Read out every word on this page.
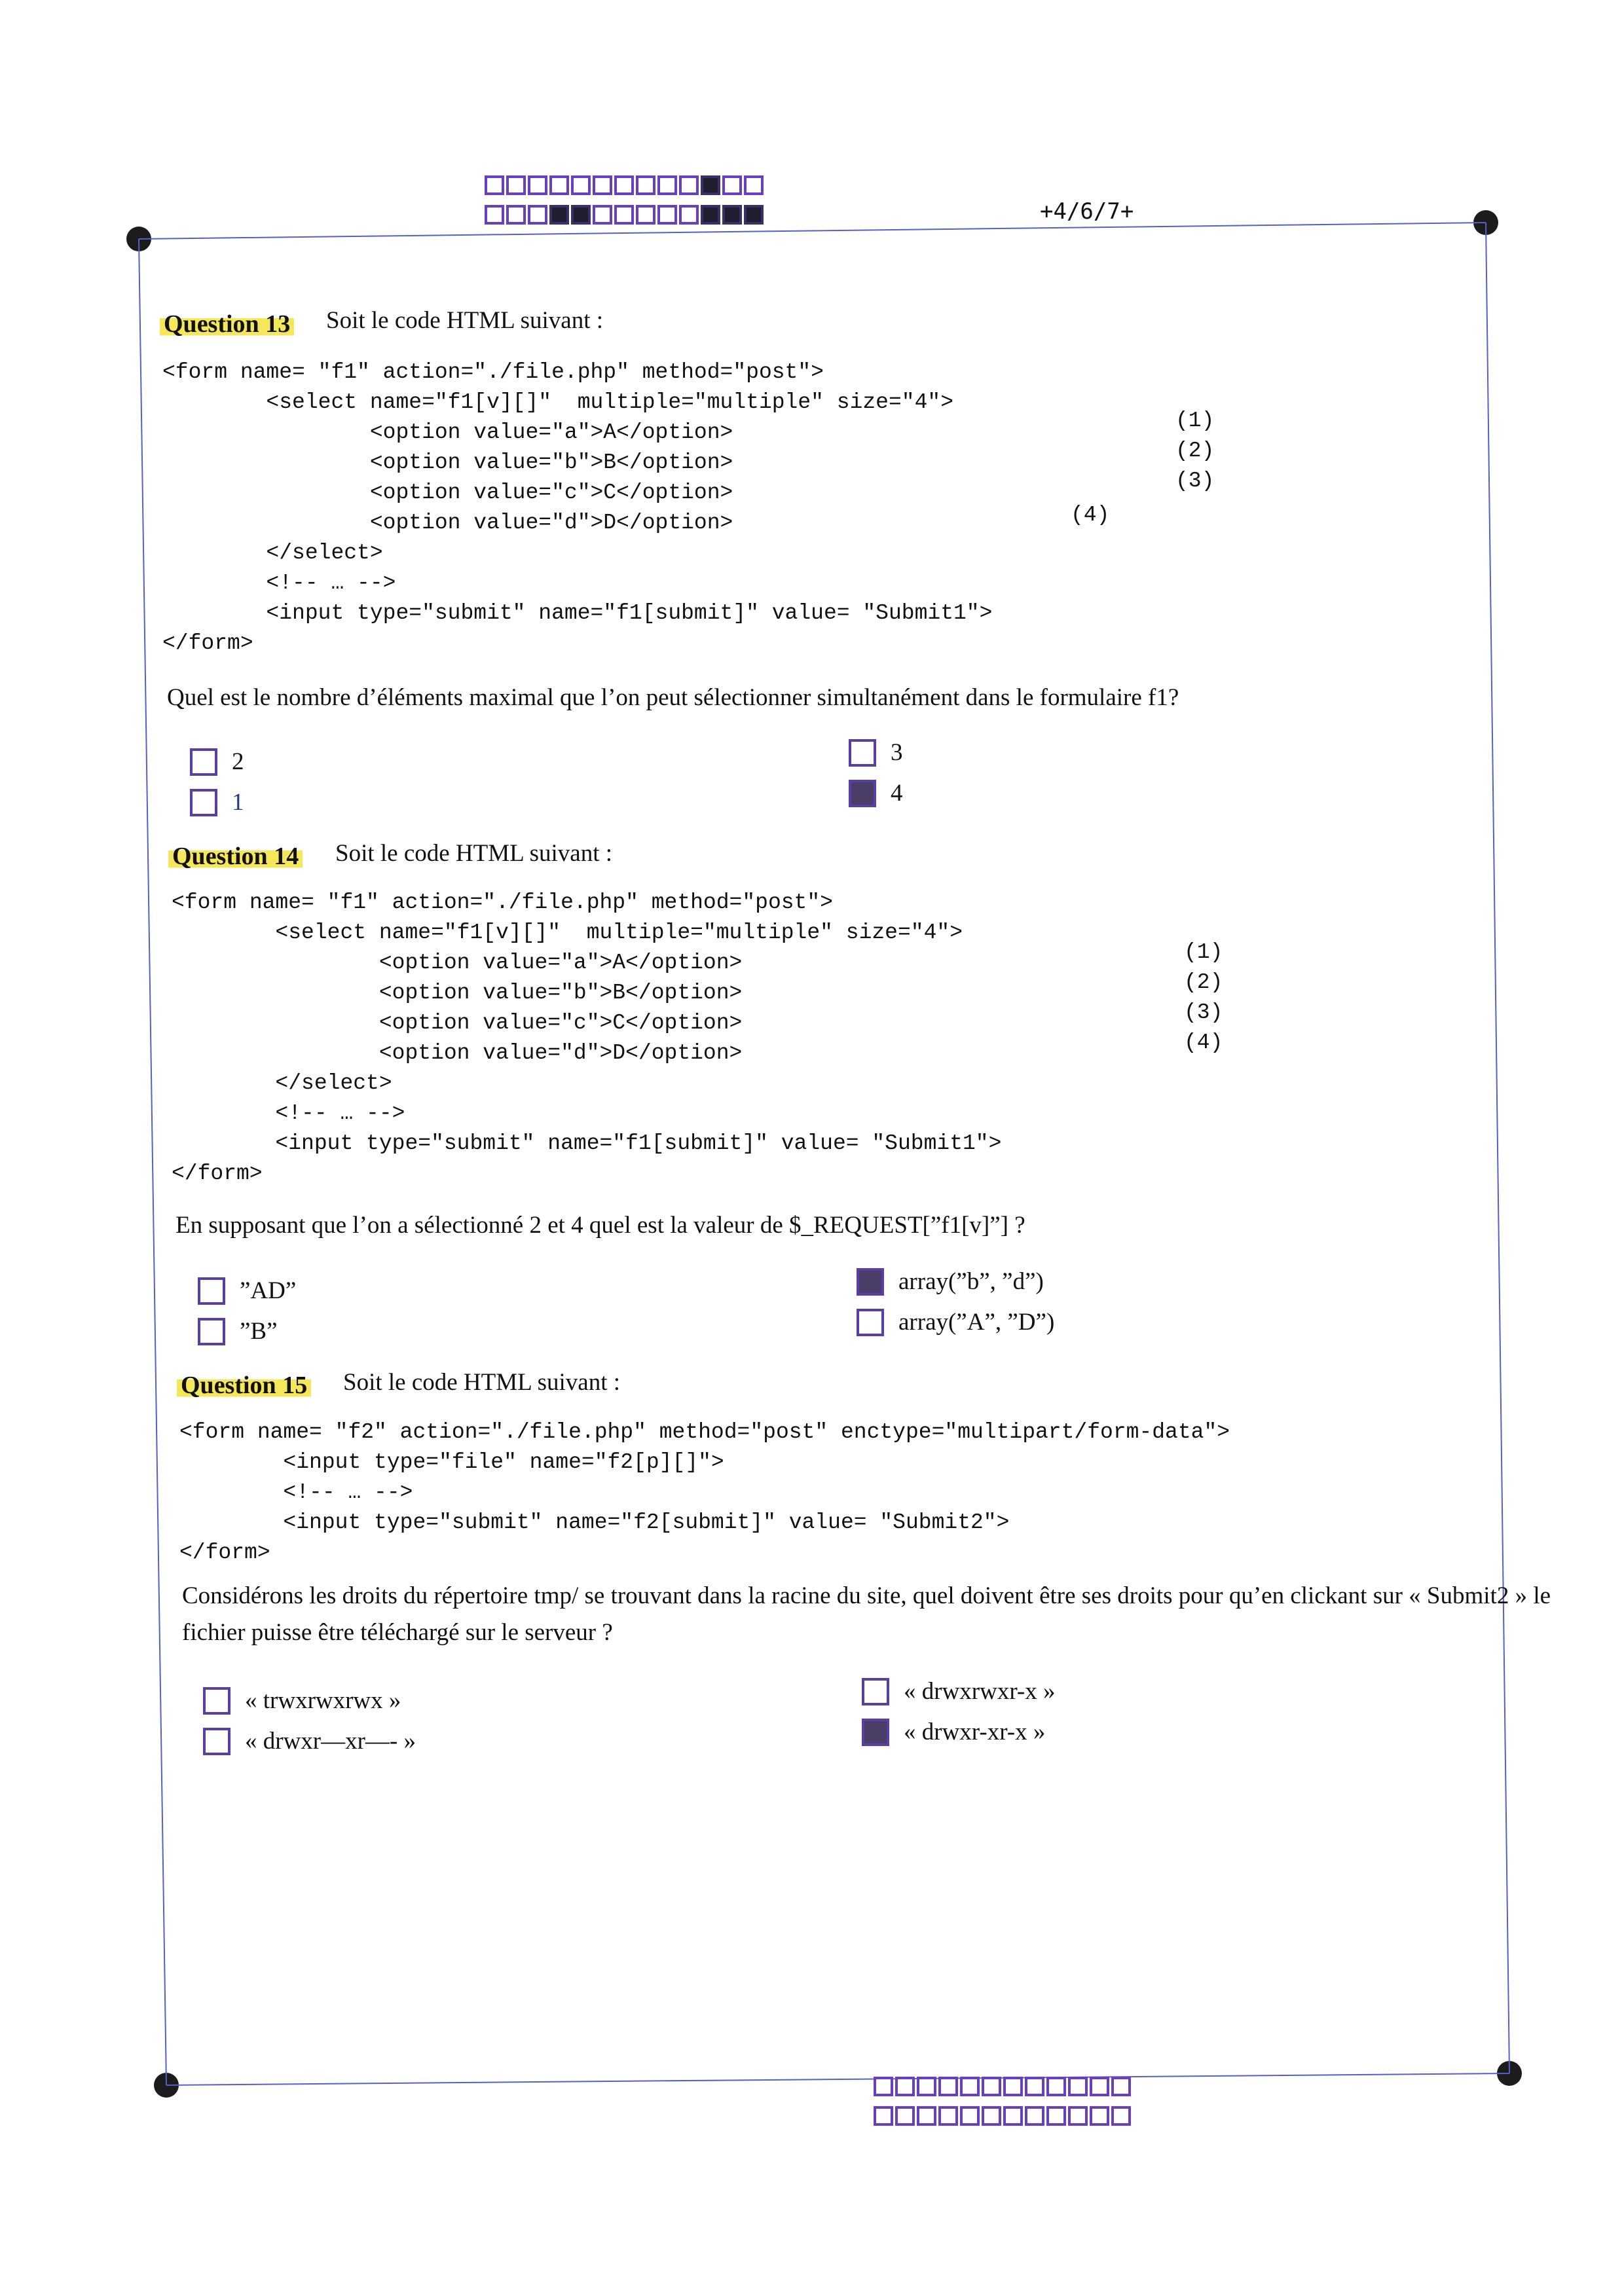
+4/6/7+
Question 13 Soit le code HTML suivant :
<form name= "f1" action="./file.php" method="post">
<select name="f1[v][]"  multiple="multiple" size="4">
<option value="a">A</option>
<option value="b">B</option>
<option value="c">C</option>
<option value="d">D</option>
</select>
<!-- … -->
<input type="submit" name="f1[submit]" value= "Submit1">
</form>
(1)
(2)
(3)
(4)
Quel est le nombre d’éléments maximal que l’on peut sélectionner simultanément dans le formulaire f1?
2
1
3
4
Question 14 Soit le code HTML suivant :
<form name= "f1" action="./file.php" method="post">
<select name="f1[v][]"  multiple="multiple" size="4">
<option value="a">A</option>
<option value="b">B</option>
<option value="c">C</option>
<option value="d">D</option>
</select>
<!-- … -->
<input type="submit" name="f1[submit]" value= "Submit1">
</form>
(1)
(2)
(3)
(4)
En supposant que l’on a sélectionné 2 et 4 quel est la valeur de $_REQUEST[”f1[v]”] ?
”AD”
”B”
array(”b”, ”d”)
array(”A”, ”D”)
Question 15 Soit le code HTML suivant :
<form name= "f2" action="./file.php" method="post" enctype="multipart/form-data">
<input type="file" name="f2[p][]">
<!-- … -->
<input type="submit" name="f2[submit]" value= "Submit2">
</form>
Considérons les droits du répertoire tmp/ se trouvant dans la racine du site, quel doivent être ses droits pour qu’en clickant sur « Submit2 » le fichier puisse être téléchargé sur le serveur ?
« trwxrwxrwx »
« drwxr—xr—- »
« drwxrwxr-x »
« drwxr-xr-x »
